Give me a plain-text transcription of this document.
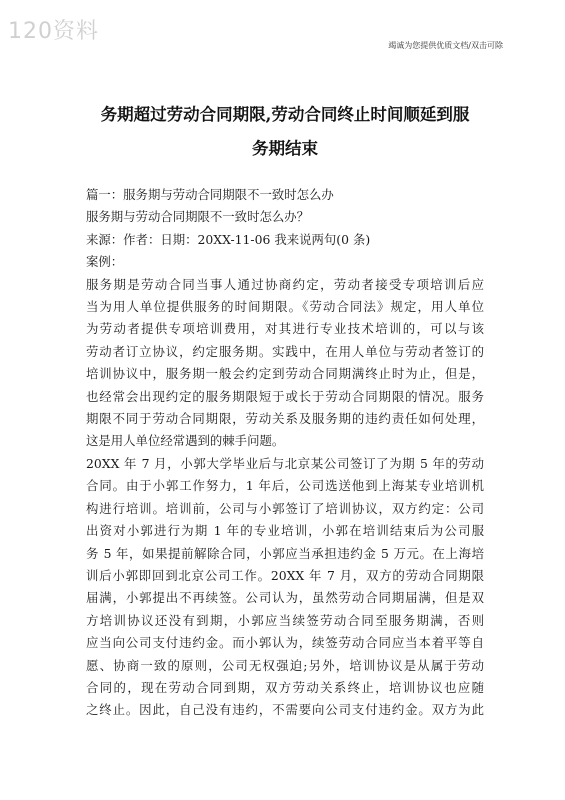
120资料
竭诚为您提供优质文档/双击可除
务期超过劳动合同期限,劳动合同终止时间顺延到服
务期结束
篇一：服务期与劳动合同期限不一致时怎么办
服务期与劳动合同期限不一致时怎么办？
来源：作者：日期：20XX-11-06 我来说两句(0 条)
案例：
服务期是劳动合同当事人通过协商约定，劳动者接受专项培训后应
当为用人单位提供服务的时间期限。《劳动合同法》规定，用人单位
为劳动者提供专项培训费用，对其进行专业技术培训的，可以与该
劳动者订立协议，约定服务期。实践中，在用人单位与劳动者签订的
培训协议中，服务期一般会约定到劳动合同期满终止时为止，但是，
也经常会出现约定的服务期限短于或长于劳动合同期限的情况。服务
期限不同于劳动合同期限，劳动关系及服务期的违约责任如何处理，
这是用人单位经常遇到的棘手问题。
20XX 年 7 月，小郭大学毕业后与北京某公司签订了为期 5 年的劳动
合同。由于小郭工作努力，1 年后，公司选送他到上海某专业培训机
构进行培训。培训前，公司与小郭签订了培训协议，双方约定：公司
出资对小郭进行为期 1 年的专业培训，小郭在培训结束后为公司服
务 5 年，如果提前解除合同，小郭应当承担违约金 5 万元。在上海培
训后小郭即回到北京公司工作。20XX 年 7 月，双方的劳动合同期限
届满，小郭提出不再续签。公司认为，虽然劳动合同期届满，但是双
方培训协议还没有到期，小郭应当续签劳动合同至服务期满，否则
应当向公司支付违约金。而小郭认为，续签劳动合同应当本着平等自
愿、协商一致的原则，公司无权强迫;另外，培训协议是从属于劳动
合同的，现在劳动合同到期，双方劳动关系终止，培训协议也应随
之终止。因此，自己没有违约，不需要向公司支付违约金。双方为此
